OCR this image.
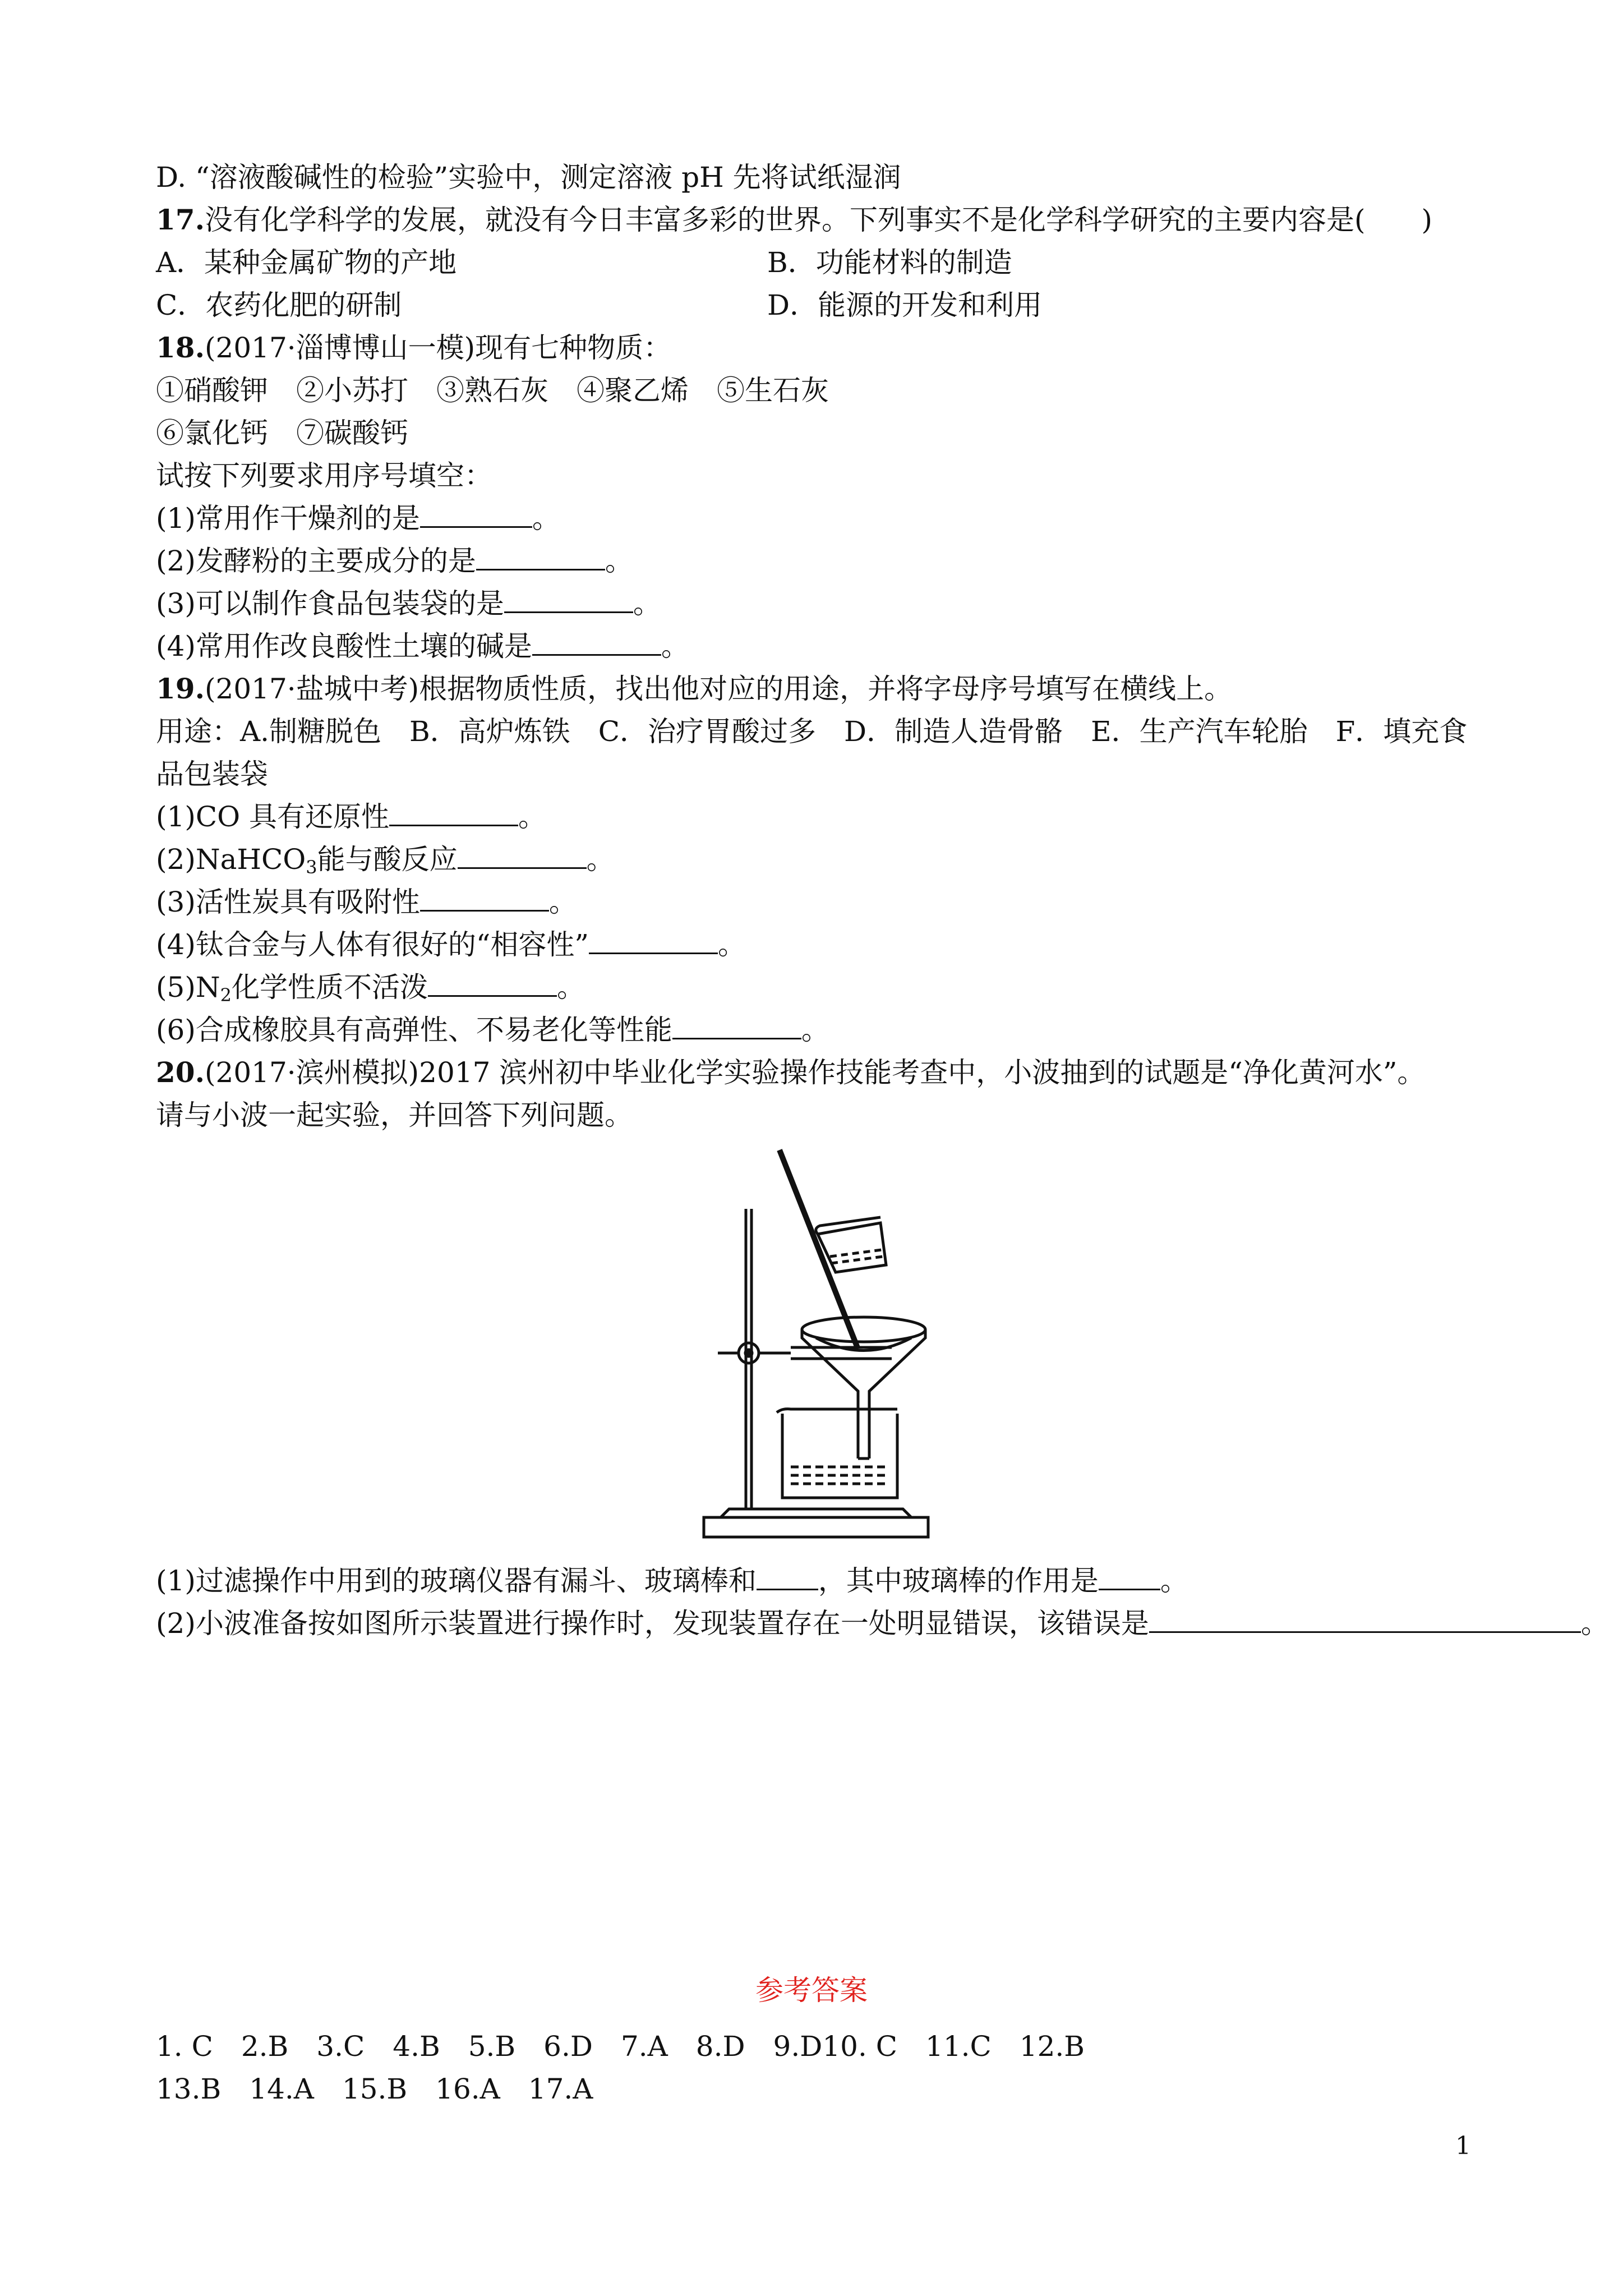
D. “溶液酸碱性的检验”实验中，测定溶液 pH 先将试纸湿润
17.没有化学科学的发展，就没有今日丰富多彩的世界。下列事实不是化学科学研究的主要内容是(　　)
A．某种金属矿物的产地	B．功能材料的制造
C．农药化肥的研制	D．能源的开发和利用
18.(2017·淄博博山一模)现有七种物质：
①硝酸钾　②小苏打　③熟石灰　④聚乙烯　⑤生石灰
⑥氯化钙　⑦碳酸钙
试按下列要求用序号填空：
(1)常用作干燥剂的是	。
(2)发酵粉的主要成分的是	。
(3)可以制作食品包装袋的是	。
(4)常用作改良酸性土壤的碱是	。
19.(2017·盐城中考)根据物质性质，找出他对应的用途，并将字母序号填写在横线上。
用途：A.制糖脱色　B．高炉炼铁　C．治疗胃酸过多　D．制造人造骨骼　E．生产汽车轮胎　F．填充食
品包装袋
(1)CO 具有还原性	。
(2)NaHCO$_3$能与酸反应	。
(3)活性炭具有吸附性	。
(4)钛合金与人体有很好的“相容性”	。
$(5)N_2$化学性质不活泼	。
(6)合成橡胶具有高弹性、不易老化等性能	。
20.(2017·滨州模拟)2017 滨州初中毕业化学实验操作技能考查中，小波抽到的试题是“净化黄河水”。
请与小波一起实验，并回答下列问题。
(1)过滤操作中用到的玻璃仪器有漏斗、玻璃棒和 ，其中玻璃棒的作用是 。
(2)小波准备按如图所示装置进行操作时，发现装置存在一处明显错误，该错误是	。
参考答案
1. C　2.B　3.C　4.B　5.B　6.D　7.A　8.D　9.D10. C　11.C　12.B
13.B　14.A　15.B　16.A　17.A
1
